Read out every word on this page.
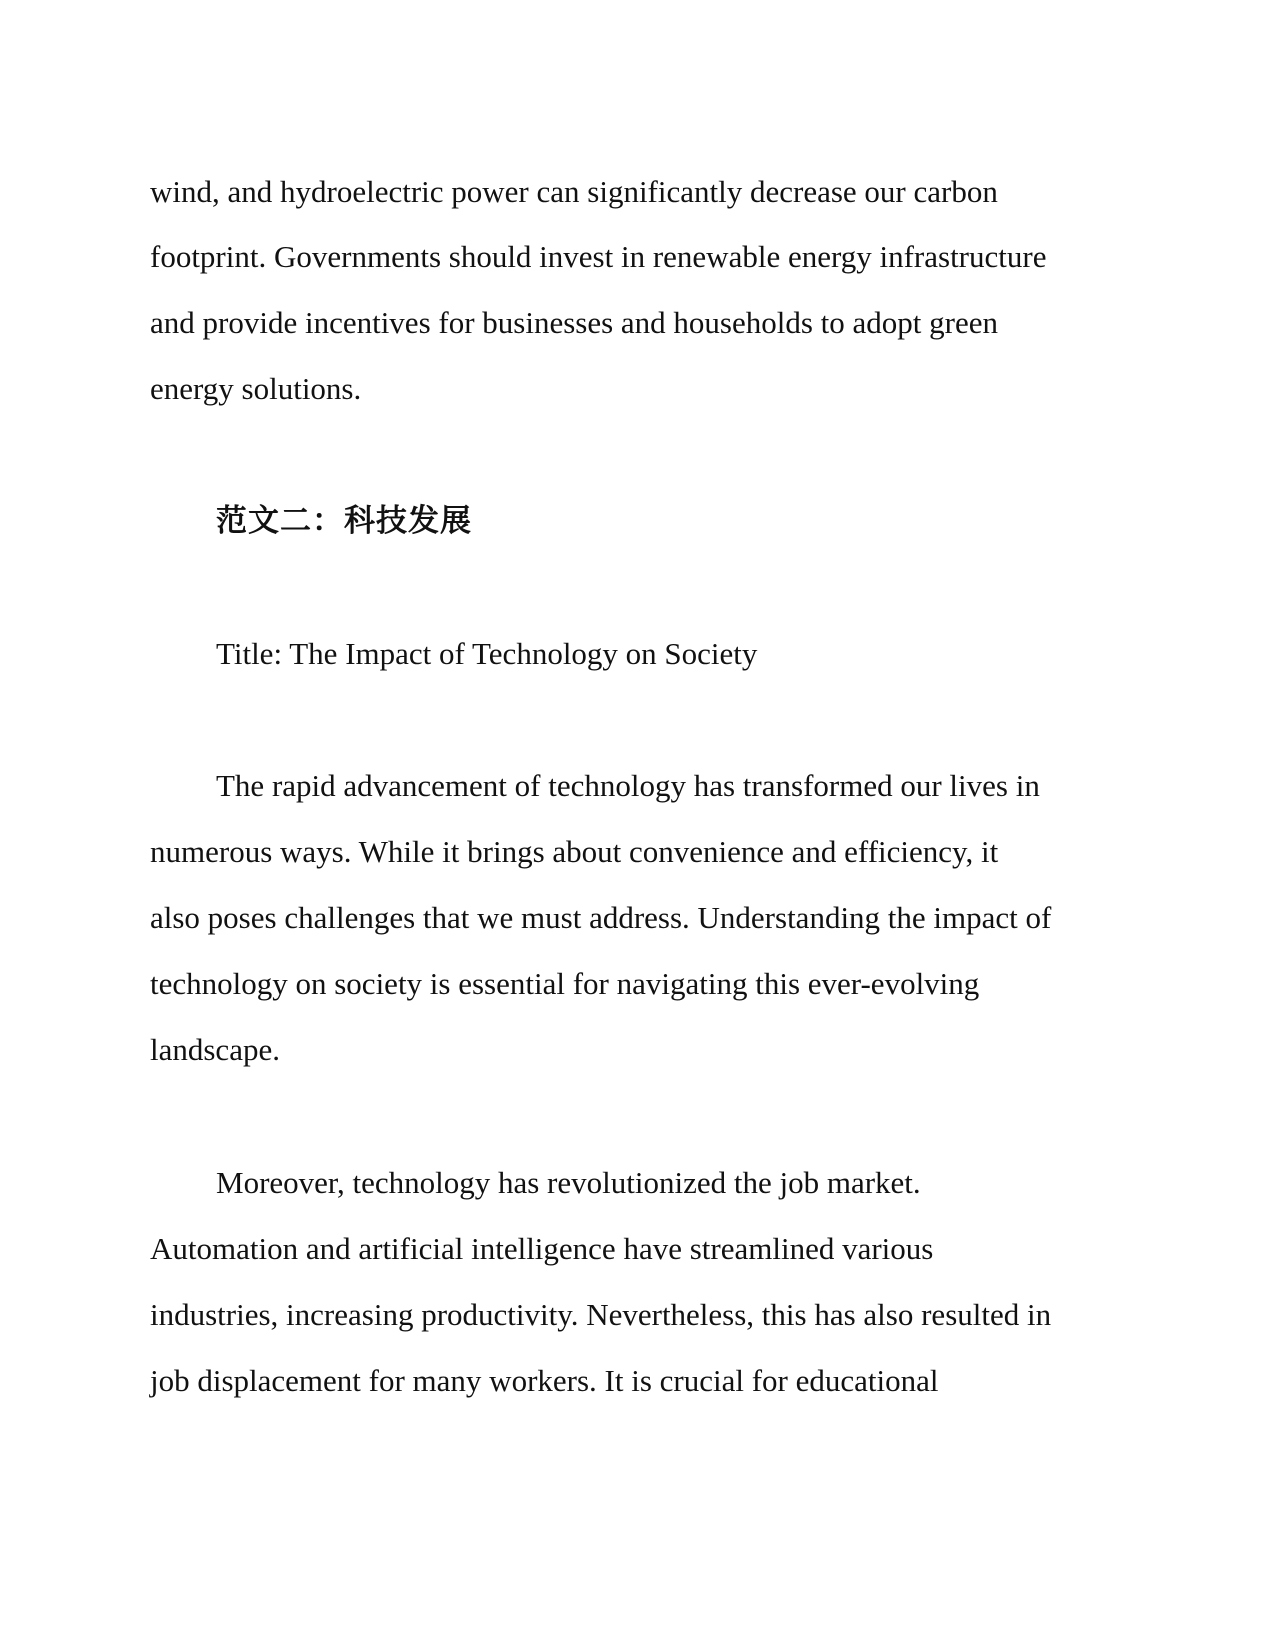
wind, and hydroelectric power can significantly decrease our carbon

footprint. Governments should invest in renewable energy infrastructure

and provide incentives for businesses and households to adopt green

energy solutions.

范文二：科技发展

Title: The Impact of Technology on Society

The rapid advancement of technology has transformed our lives in

numerous ways. While it brings about convenience and efficiency, it

also poses challenges that we must address. Understanding the impact of

technology on society is essential for navigating this ever-evolving

landscape.

Moreover, technology has revolutionized the job market.

Automation and artificial intelligence have streamlined various

industries, increasing productivity. Nevertheless, this has also resulted in

job displacement for many workers. It is crucial for educational
